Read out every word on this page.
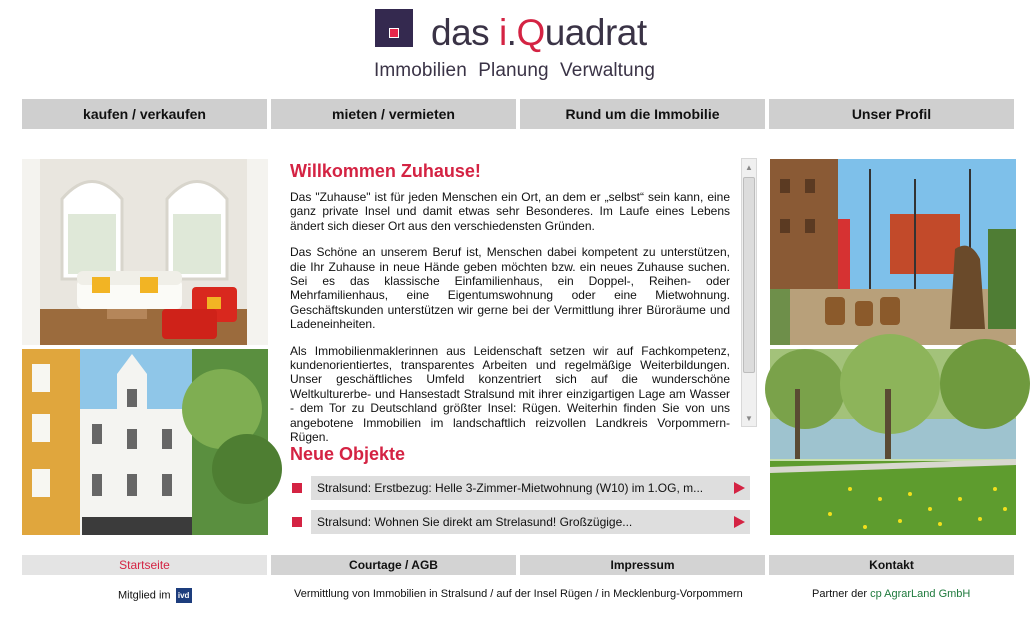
das i.Quadrat
Immobilien Planung Verwaltung
kaufen / verkaufen	mieten / vermieten	Rund um die Immobilie	Unser Profil
Willkommen Zuhause!

Das "Zuhause" ist für jeden Menschen ein Ort, an dem er „selbst“ sein kann, eine ganz private Insel und damit etwas sehr Besonderes. Im Laufe eines Lebens ändert sich dieser Ort aus den verschiedensten Gründen.

Das Schöne an unserem Beruf ist, Menschen dabei kompetent zu unterstützen, die Ihr Zuhause in neue Hände geben möchten bzw. ein neues Zuhause suchen. Sei es das klassische Einfamilienhaus, ein Doppel-, Reihen- oder Mehrfamilienhaus, eine Eigentumswohnung oder eine Mietwohnung. Geschäftskunden unterstützen wir gerne bei der Vermittlung ihrer Büroräume und Ladeneinheiten.

Als Immobilienmaklerinnen aus Leidenschaft setzen wir auf Fachkompetenz, kundenorientiertes, transparentes Arbeiten und regelmäßige Weiterbildungen. Unser geschäftliches Umfeld konzentriert sich auf die wunderschöne Weltkulturerbe- und Hansestadt Stralsund mit ihrer einzigartigen Lage am Wasser - dem Tor zu Deutschland größter Insel: Rügen. Weiterhin finden Sie von uns angebotene Immobilien im landschaftlich reizvollen Landkreis Vorpommern-Rügen.

▲
▼
Neue Objekte
Stralsund: Erstbezug: Helle 3-Zimmer-Mietwohnung (W10) im 1.OG, m...
Stralsund: Wohnen Sie direkt am Strelasund! Großzügige...
Startseite	Courtage / AGB	Impressum	Kontakt
Mitglied im ivd	Vermittlung von Immobilien in Stralsund / auf der Insel Rügen / in Mecklenburg-Vorpommern	Partner der cp AgrarLand GmbH
